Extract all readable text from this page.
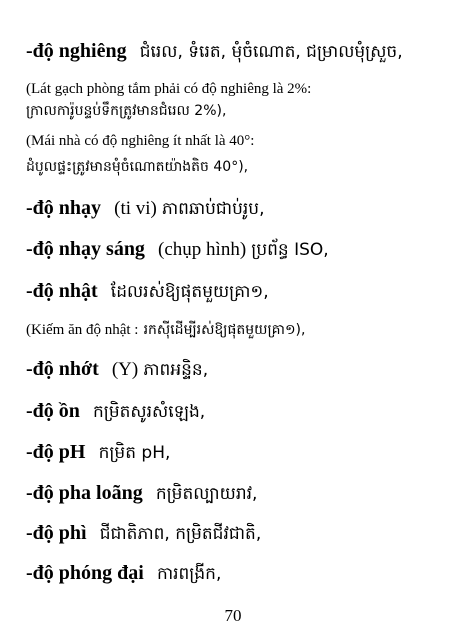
-độ nghiêng ជំរេល, ទំរេត, មុំចំណោត, ជម្រាលមុំស្រួច,
(Lát gạch phòng tắm phải có độ nghiêng là 2%:
ក្រាលការ៉ូបន្ទប់ទឹកត្រូវមានជំរេល 2%),
(Mái nhà có độ nghiêng ít nhất là 40°:
ដំបូលផ្ទះត្រូវមានមុំចំណោតយ៉ាងតិច 40°),
-độ nhạy (ti vi) ភាពឆាប់ជាប់រូប,
-độ nhạy sáng (chụp hình) ប្រព័ន្ធ ISO,
-độ nhật ដែលរស់ឱ្យផុតមួយគ្រា១,
(Kiếm ăn độ nhật : រកស៊ីដើម្បីរស់ឱ្យផុតមួយគ្រា១),
-độ nhớt (Y) ភាពអន្ទិន,
-độ ồn កម្រិតសូរសំឡេង,
-độ pH កម្រិត pH,
-độ pha loãng កម្រិតល្បាយរាវ,
-độ phì ជីជាតិភាព, កម្រិតជីវជាតិ,
-độ phóng đại ការពង្រីក,
70
